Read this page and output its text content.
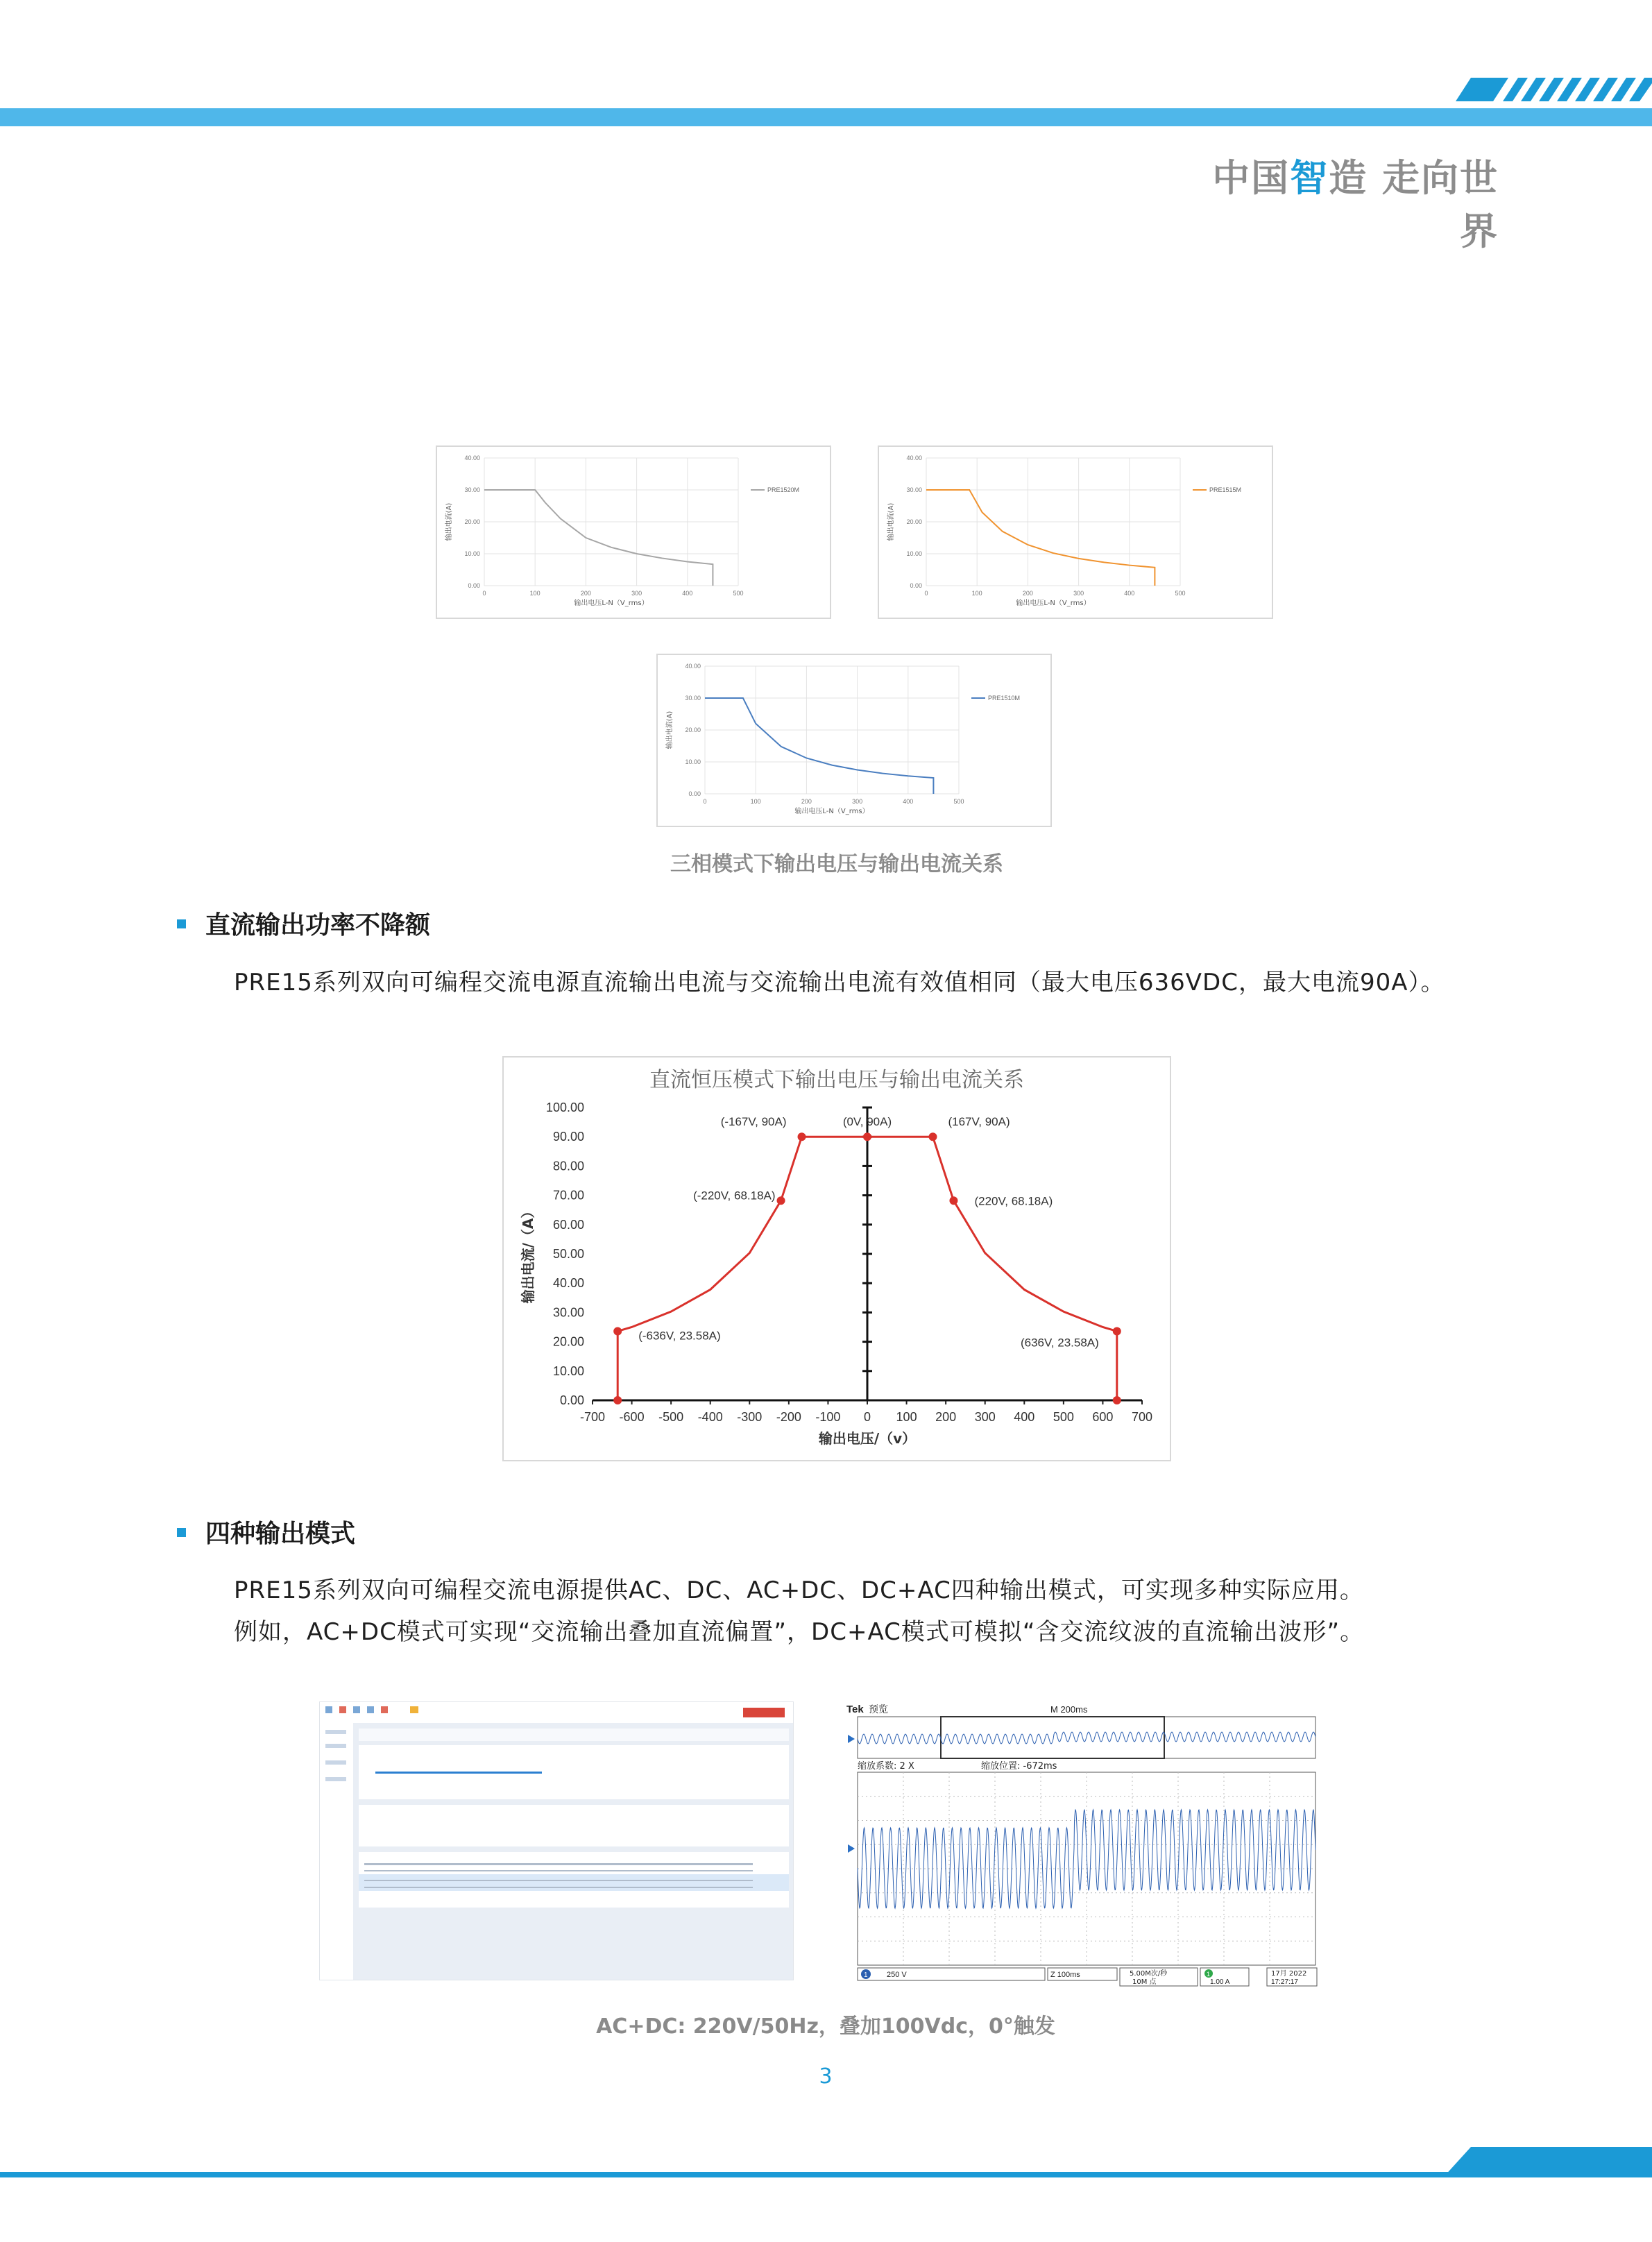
中国智造 走向世界
0.00
10.00
20.00
30.00
40.00
0	100	200	300	400	500
PRE1520M
输出电压L-N（V_rms）
输出电流(A)
0.00
10.00
20.00
30.00
40.00
0	100	200	300	400	500
PRE1515M
输出电压L-N（V_rms）
输出电流(A)
0.00
10.00
20.00
30.00
40.00
0	100	200	300	400	500
PRE1510M
输出电压L-N（V_rms）
输出电流(A)
三相模式下输出电压与输出电流关系
直流输出功率不降额
PRE15系列双向可编程交流电源直流输出电流与交流输出电流有效值相同（最大电压636VDC，最大电流90A）。
直流恒压模式下输出电压与输出电流关系
0.00
10.00
20.00
30.00
40.00
50.00
60.00
70.00
80.00
90.00
100.00
-700 -600 -500 -400 -300 -200 -100 0 100 200 300 400 500 600 700
(-636V, 23.58A)
(-220V, 68.18A)
(-167V, 90A)	(0V, 90A)	(167V, 90A)
(220V, 68.18A)
(636V, 23.58A)
输出电压/（v）
输出电流/（A）
四种输出模式
PRE15系列双向可编程交流电源提供AC、DC、AC+DC、DC+AC四种输出模式，可实现多种实际应用。
例如，AC+DC模式可实现“交流输出叠加直流偏置”，DC+AC模式可模拟“含交流纹波的直流输出波形”。
Tek 预览	M 200ms
缩放系数: 2 X	缩放位置: -672ms
1 250 V	Z 100ms	5.00M次/秒
10M 点
1
1.00 A
17月 2022
17:27:17
AC+DC: 220V/50Hz，叠加100Vdc，0°触发
3
